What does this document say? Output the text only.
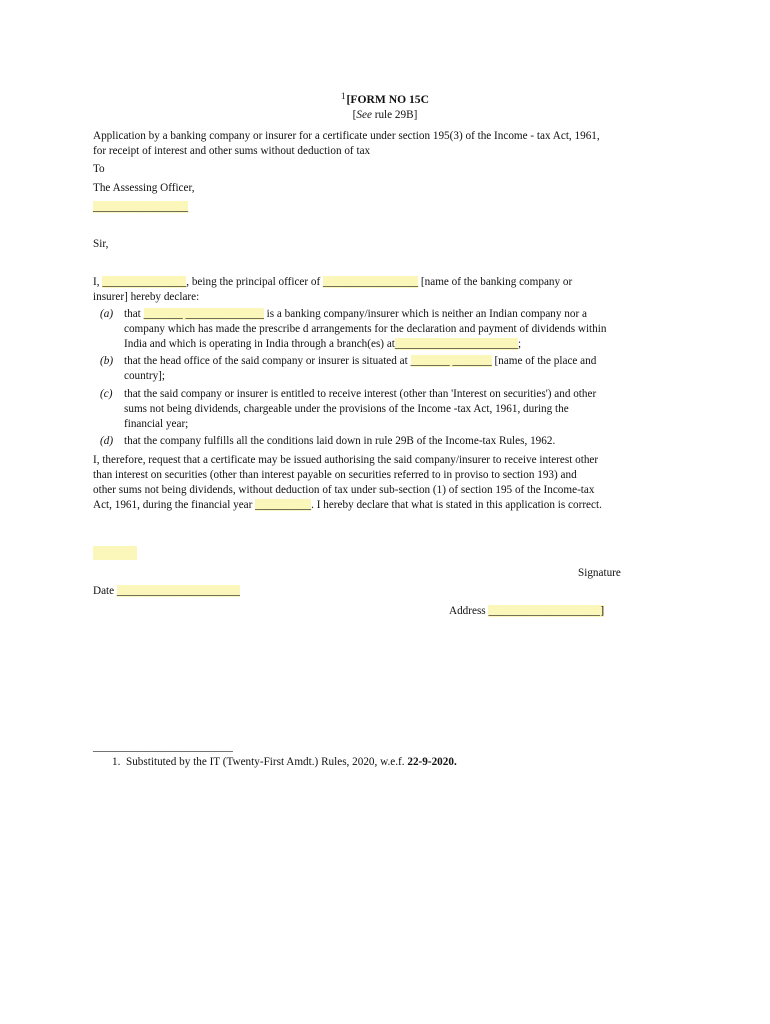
$^1$[FORM NO 15C
[See rule 29B]
Application by a banking company or insurer for a certificate under section 195(3) of the Income - tax Act, 1961,
for receipt of interest and other sums without deduction of tax
To
The Assessing Officer,
_________________
Sir,
I, _______________, being the principal officer of _________________ [name of the banking company or
insurer] hereby declare:
(a) that _______ ______________ is a banking company/insurer which is neither an Indian company nor a
company which has made the prescribe d arrangements for the declaration and payment of dividends within
India and which is operating in India through a branch(es) at______________________;
(b) that the head office of the said company or insurer is situated at _______ _______ [name of the place and
country];
(c)	that the said company or insurer is entitled to receive interest (other than 'Interest on securities') and other
sums not being dividends, chargeable under the provisions of the Income -tax Act, 1961, during the
financial year;
(d) that the company fulfills all the conditions laid down in rule 29B of the Income-tax Rules, 1962.
I, therefore, request that a certificate may be issued authorising the said company/insurer to receive interest other
than interest on securities (other than interest payable on securities referred to in proviso to section 193) and
other sums not being dividends, without deduction of tax under sub-section (1) of section 195 of the Income-tax
Act, 1961, during the financial year __________. I hereby declare that what is stated in this application is correct.
Signature
Date ______________________
Address ____________________]
_________________________
1. Substituted by the IT (Twenty-First Amdt.) Rules, 2020, w.e.f. 22-9-2020.
